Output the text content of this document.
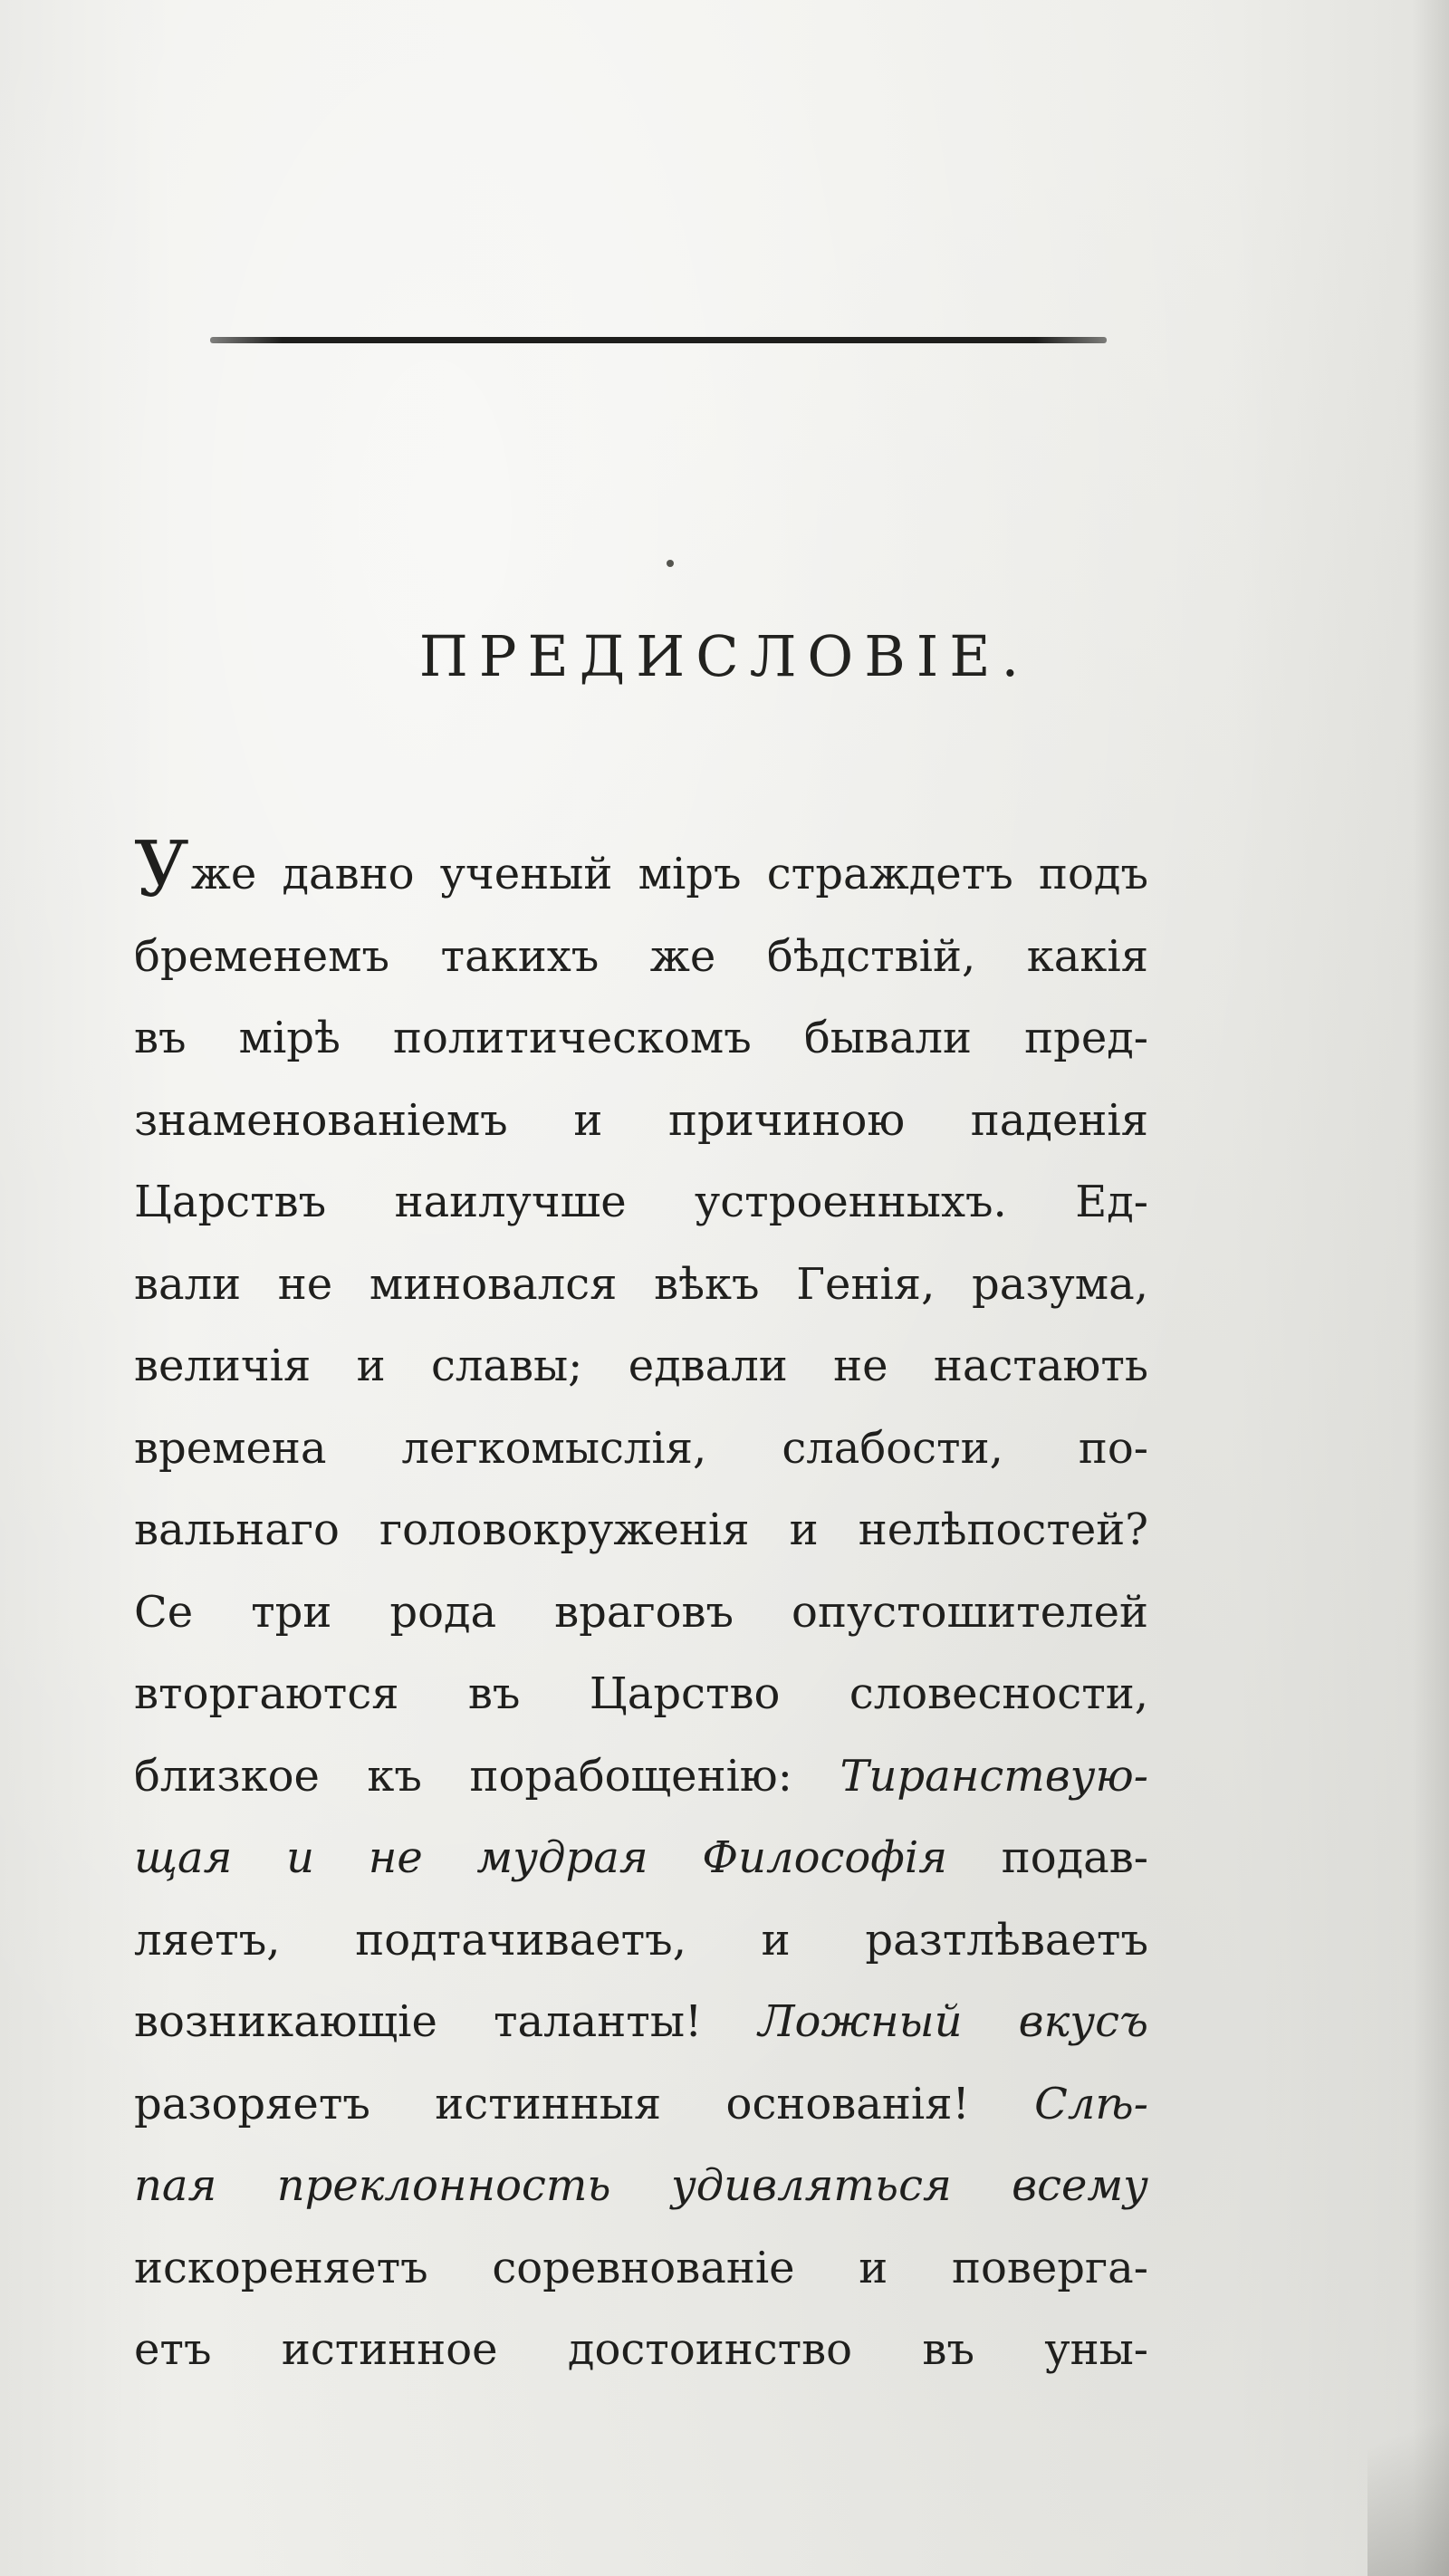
ПРЕДИСЛОВІЕ.
Уже давно ученый міръ страждетъ подъ
бременемъ такихъ же бѣдствій, какія
въ мірѣ политическомъ бывали пред-
знаменованіемъ и причиною паденія
Царствъ наилучше устроенныхъ. Ед-
вали не миновался вѣкъ Генія, разума,
величія и славы; едвали не настають
времена легкомыслія, слабости, по-
вальнаго головокруженія и нелѣпостей?
Се три рода враговъ опустошителей
вторгаются въ Царство словесности,
близкое къ порабощенію: Тиранствую-
щая и не мудрая Философія подав-
ляетъ, подтачиваетъ, и разтлѣваетъ
возникающіе таланты! Ложный вкусъ
разоряетъ истинныя основанія! Слѣ-
пая преклонность удивляться всему
искореняетъ соревнованіе и поверга-
етъ истинное достоинство въ уны-
